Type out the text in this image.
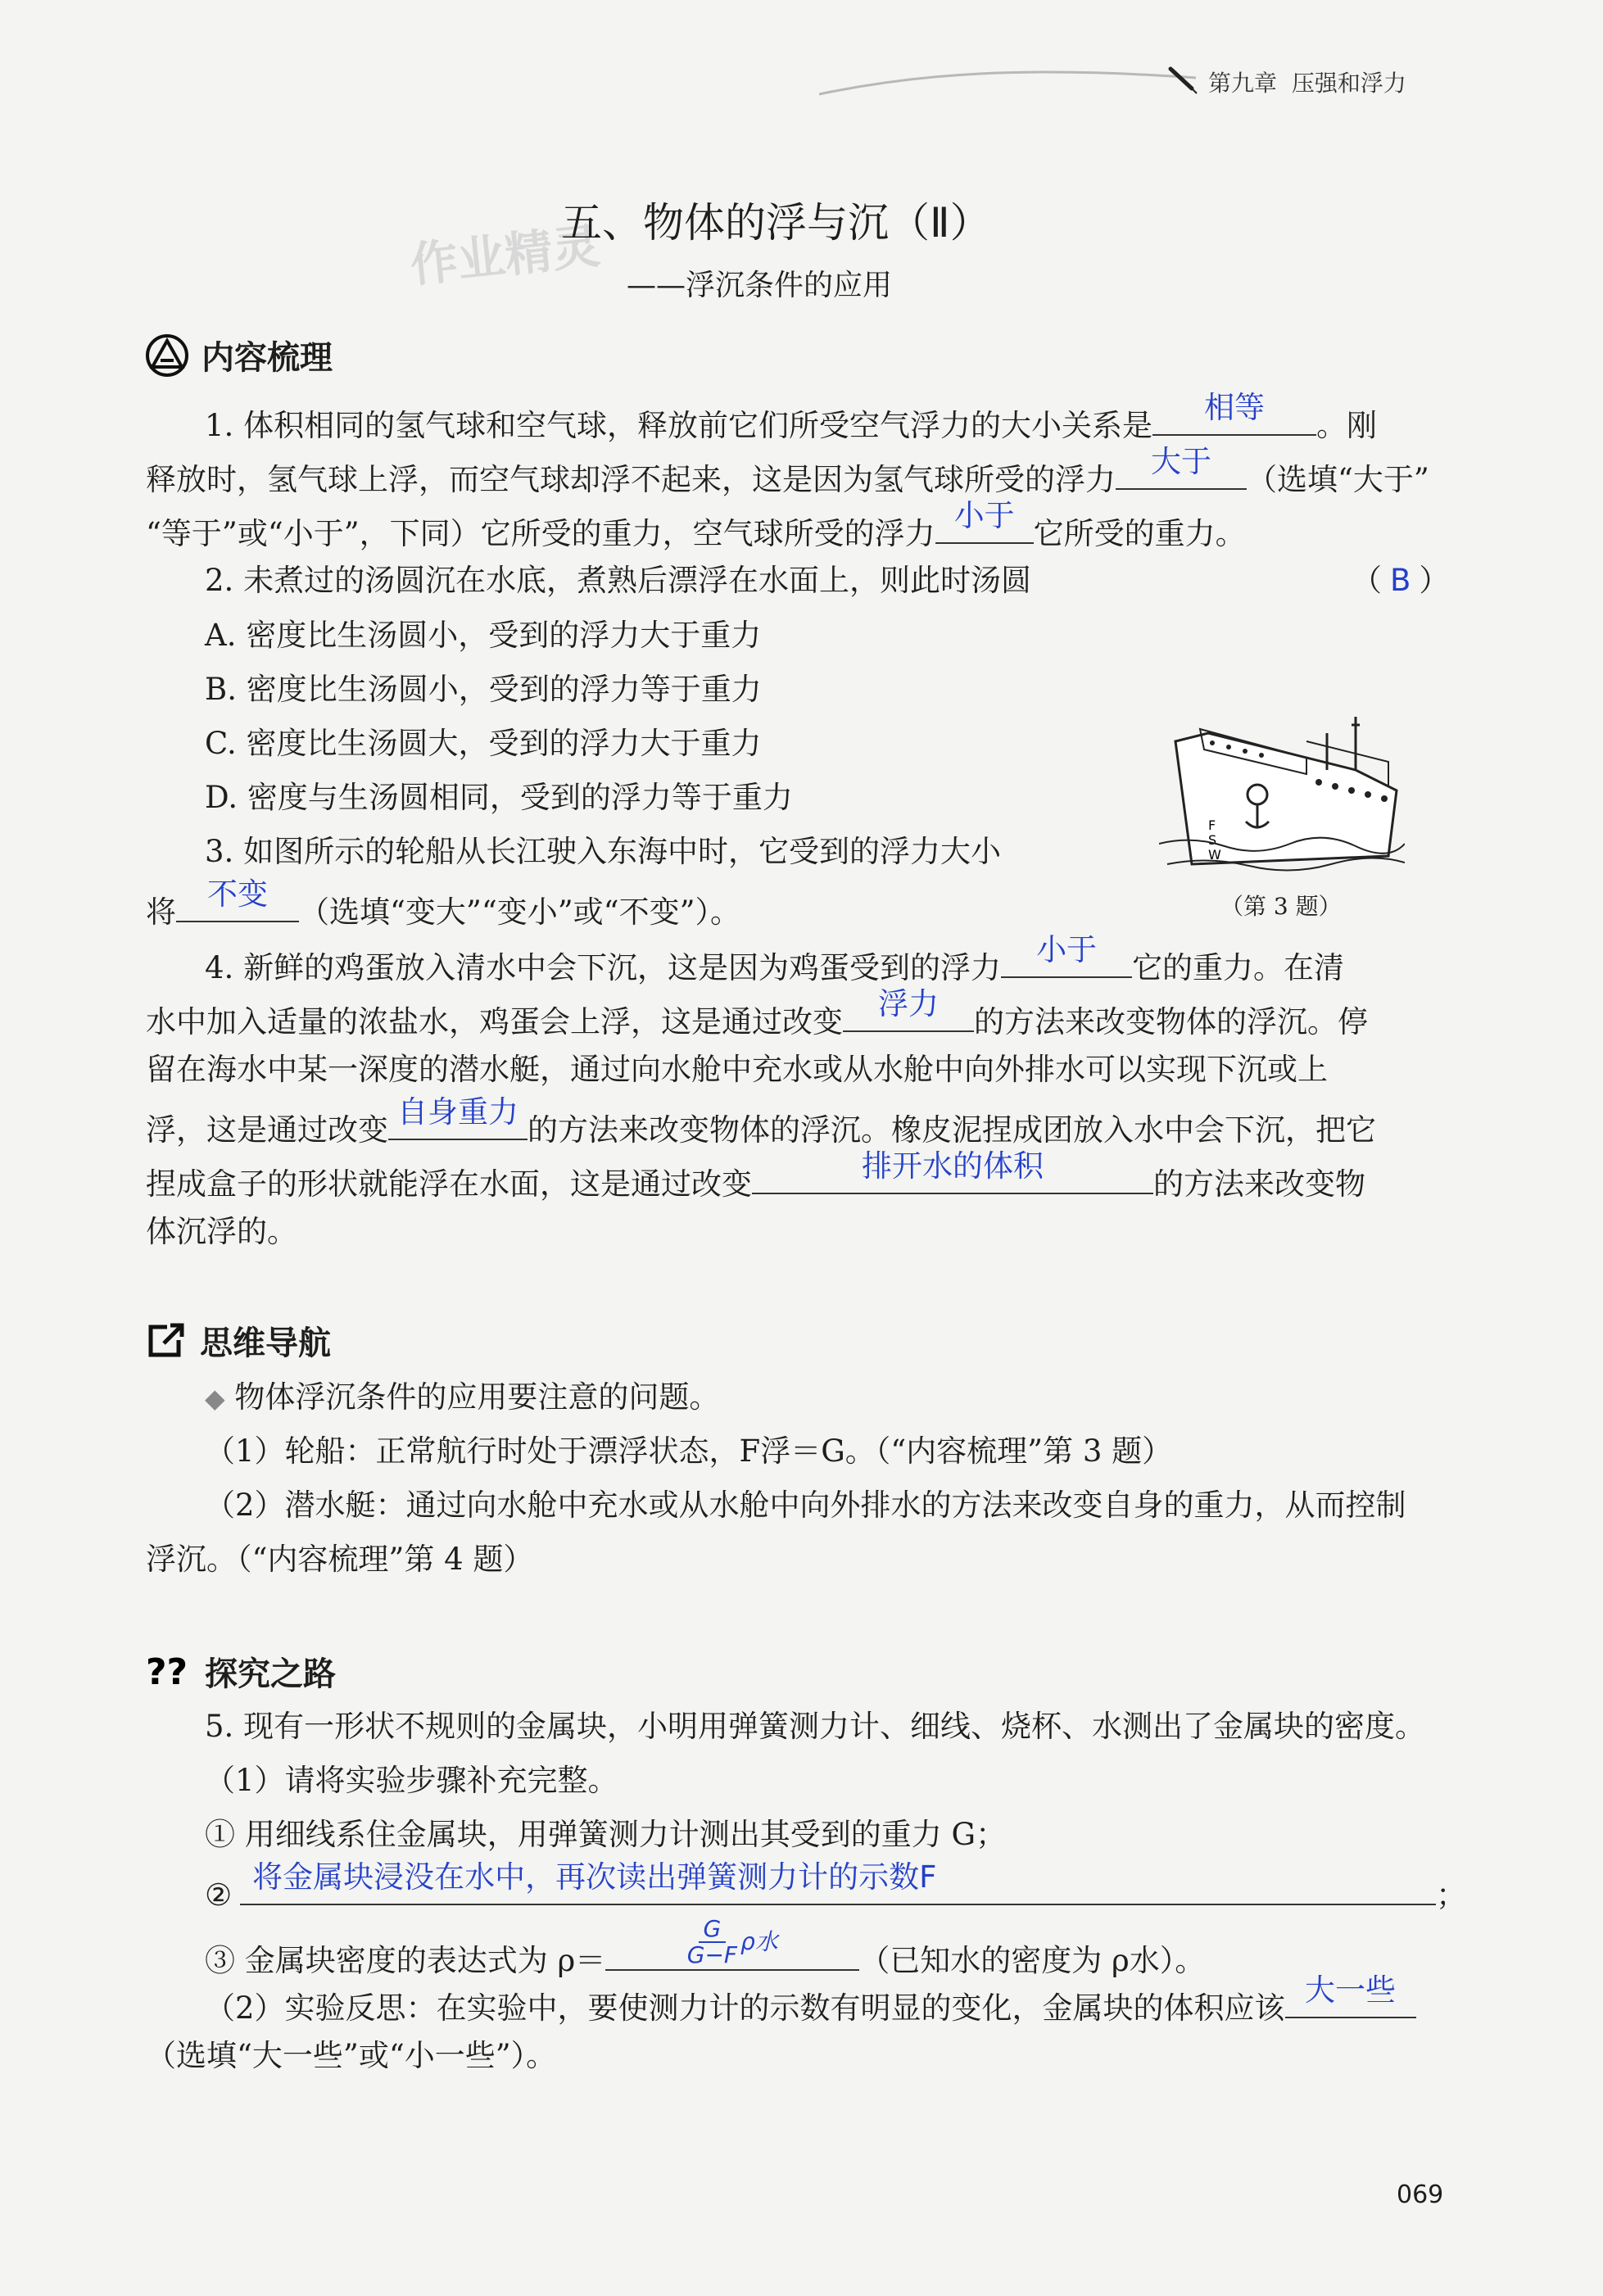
第九章 压强和浮力
作业精灵
五、物体的浮与沉（Ⅱ）
——浮沉条件的应用
内容梳理
1. 体积相同的氢气球和空气球，释放前它们所受空气浮力的大小关系是
相等
。刚
释放时，氢气球上浮，而空气球却浮不起来，这是因为氢气球所受的浮力
大于
（选填“大于”
“等于”或“小于”，下同）它所受的重力，空气球所受的浮力
小于
它所受的重力。
2. 未煮过的汤圆沉在水底，煮熟后漂浮在水面上，则此时汤圆	（ B ）
A. 密度比生汤圆小，受到的浮力大于重力
B. 密度比生汤圆小，受到的浮力等于重力
C. 密度比生汤圆大，受到的浮力大于重力
D. 密度与生汤圆相同，受到的浮力等于重力
F
S
W
（第 3 题）
3. 如图所示的轮船从长江驶入东海中时，它受到的浮力大小
将
不变
（选填“变大”“变小”或“不变”）。
4. 新鲜的鸡蛋放入清水中会下沉，这是因为鸡蛋受到的浮力
小于
它的重力。在清
水中加入适量的浓盐水，鸡蛋会上浮，这是通过改变
浮力
的方法来改变物体的浮沉。停
留在海水中某一深度的潜水艇，通过向水舱中充水或从水舱中向外排水可以实现下沉或上
浮，这是通过改变
自身重力
的方法来改变物体的浮沉。橡皮泥捏成团放入水中会下沉，把它
捏成盒子的形状就能浮在水面，这是通过改变
排开水的体积
的方法来改变物
体沉浮的。
思维导航
◆ 物体浮沉条件的应用要注意的问题。
（1）轮船：正常航行时处于漂浮状态，F浮＝G。（“内容梳理”第 3 题）
（2）潜水艇：通过向水舱中充水或从水舱中向外排水的方法来改变自身的重力，从而控制
浮沉。（“内容梳理”第 4 题）
?? 探究之路
5. 现有一形状不规则的金属块，小明用弹簧测力计、细线、烧杯、水测出了金属块的密度。
（1）请将实验步骤补充完整。
① 用细线系住金属块，用弹簧测力计测出其受到的重力 G；
②
将金属块浸没在水中，再次读出弹簧测力计的示数F
；
③ 金属块密度的表达式为 ρ＝	$\frac{G}{G-F}$ ρ水
（已知水的密度为 ρ水）。
（2）实验反思：在实验中，要使测力计的示数有明显的变化，金属块的体积应该
大一些
（选填“大一些”或“小一些”）。
069
